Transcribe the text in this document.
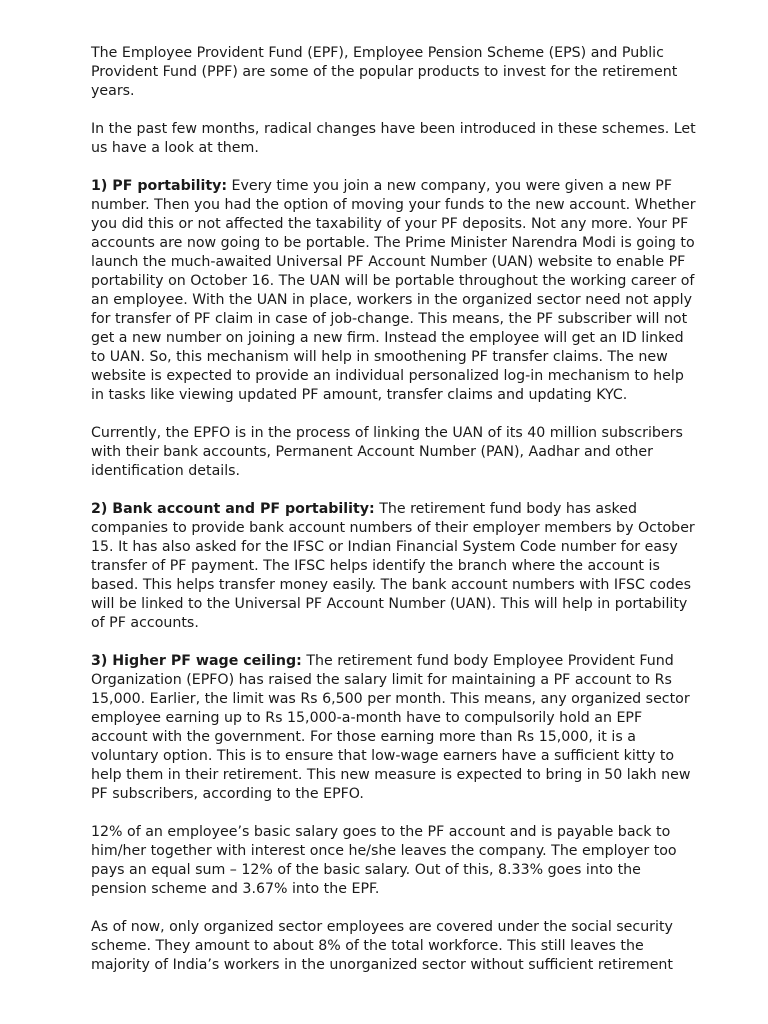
The Employee Provident Fund (EPF), Employee Pension Scheme (EPS) and Public Provident Fund (PPF) are some of the popular products to invest for the retirement years.

In the past few months, radical changes have been introduced in these schemes. Let us have a look at them.

1) PF portability: Every time you join a new company, you were given a new PF number. Then you had the option of moving your funds to the new account. Whether you did this or not affected the taxability of your PF deposits. Not any more. Your PF accounts are now going to be portable. The Prime Minister Narendra Modi is going to launch the much-awaited Universal PF Account Number (UAN) website to enable PF portability on October 16. The UAN will be portable throughout the working career of an employee. With the UAN in place, workers in the organized sector need not apply for transfer of PF claim in case of job-change. This means, the PF subscriber will not get a new number on joining a new firm. Instead the employee will get an ID linked to UAN. So, this mechanism will help in smoothening PF transfer claims. The new website is expected to provide an individual personalized log-in mechanism to help in tasks like viewing updated PF amount, transfer claims and updating KYC.

Currently, the EPFO is in the process of linking the UAN of its 40 million subscribers with their bank accounts, Permanent Account Number (PAN), Aadhar and other identification details.

2) Bank account and PF portability: The retirement fund body has asked companies to provide bank account numbers of their employer members by October 15. It has also asked for the IFSC or Indian Financial System Code number for easy transfer of PF payment. The IFSC helps identify the branch where the account is based. This helps transfer money easily. The bank account numbers with IFSC codes will be linked to the Universal PF Account Number (UAN). This will help in portability of PF accounts.

3) Higher PF wage ceiling: The retirement fund body Employee Provident Fund Organization (EPFO) has raised the salary limit for maintaining a PF account to Rs 15,000. Earlier, the limit was Rs 6,500 per month. This means, any organized sector employee earning up to Rs 15,000-a-month have to compulsorily hold an EPF account with the government. For those earning more than Rs 15,000, it is a voluntary option. This is to ensure that low-wage earners have a sufficient kitty to help them in their retirement. This new measure is expected to bring in 50 lakh new PF subscribers, according to the EPFO.

12% of an employee’s basic salary goes to the PF account and is payable back to him/her together with interest once he/she leaves the company. The employer too pays an equal sum – 12% of the basic salary. Out of this, 8.33% goes into the pension scheme and 3.67% into the EPF.

As of now, only organized sector employees are covered under the social security scheme. They amount to about 8% of the total workforce. This still leaves the majority of India’s workers in the unorganized sector without sufficient retirement
